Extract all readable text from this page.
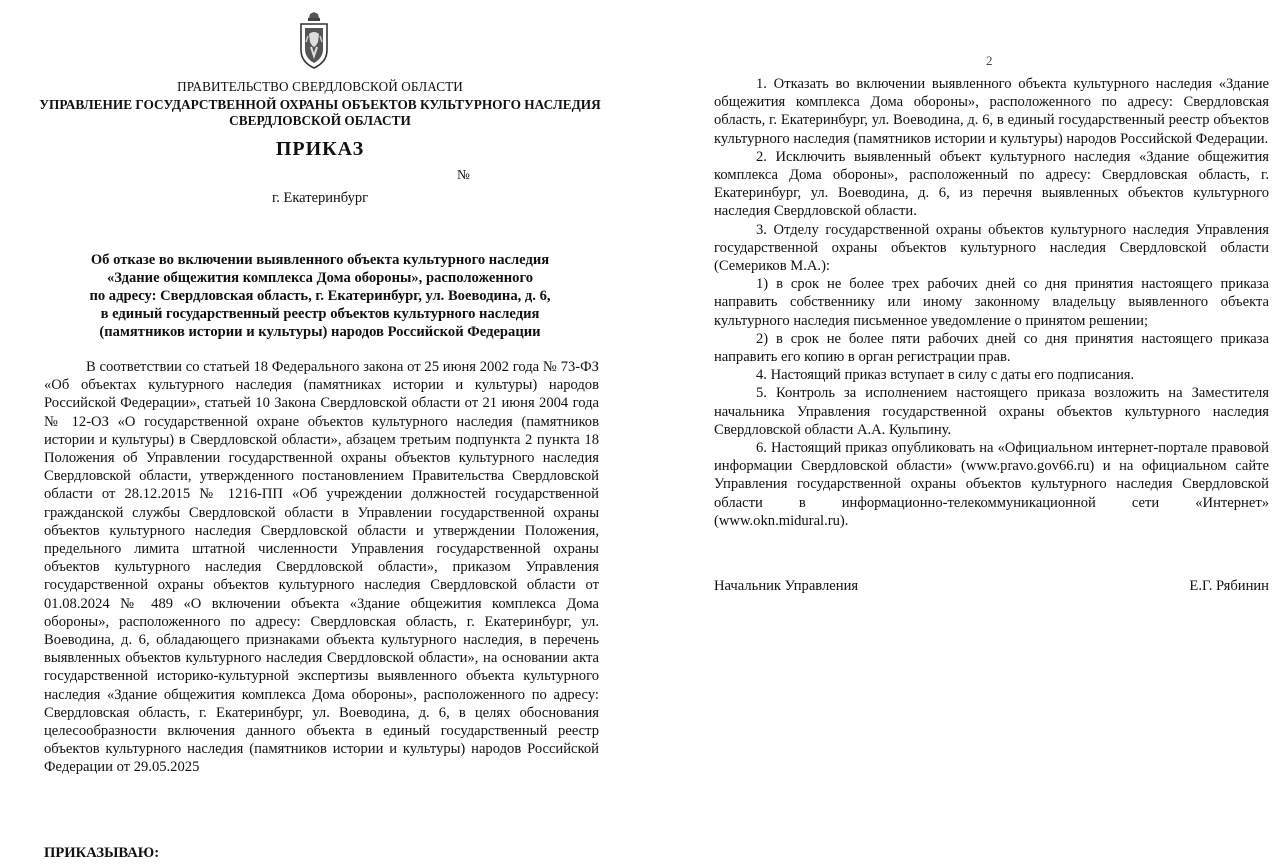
ПРАВИТЕЛЬСТВО СВЕРДЛОВСКОЙ ОБЛАСТИ
УПРАВЛЕНИЕ ГОСУДАРСТВЕННОЙ ОХРАНЫ ОБЪЕКТОВ КУЛЬТУРНОГО НАСЛЕДИЯ
СВЕРДЛОВСКОЙ ОБЛАСТИ
ПРИКАЗ
№
г. Екатеринбург
Об отказе во включении выявленного объекта культурного наследия
«Здание общежития комплекса Дома обороны», расположенного
по адресу: Свердловская область, г. Екатеринбург, ул. Воеводина, д. 6,
в единый государственный реестр объектов культурного наследия
(памятников истории и культуры) народов Российской Федерации
В соответствии со статьей 18 Федерального закона от 25 июня 2002 года № 73-ФЗ «Об объектах культурного наследия (памятниках истории и культуры) народов Российской Федерации», статьей 10 Закона Свердловской области от 21 июня 2004 года № 12-ОЗ «О государственной охране объектов культурного наследия (памятников истории и культуры) в Свердловской области», абзацем третьим подпункта 2 пункта 18 Положения об Управлении государственной охраны объектов культурного наследия Свердловской области, утвержденного постановлением Правительства Свердловской области от 28.12.2015 № 1216-ПП «Об учреждении должностей государственной гражданской службы Свердловской области в Управлении государственной охраны объектов культурного наследия Свердловской области и утверждении Положения, предельного лимита штатной численности Управления государственной охраны объектов культурного наследия Свердловской области», приказом Управления государственной охраны объектов культурного наследия Свердловской области от 01.08.2024 № 489 «О включении объекта «Здание общежития комплекса Дома обороны», расположенного по адресу: Свердловская область, г. Екатеринбург, ул. Воеводина, д. 6, обладающего признаками объекта культурного наследия, в перечень выявленных объектов культурного наследия Свердловской области», на основании акта государственной историко-культурной экспертизы выявленного объекта культурного наследия «Здание общежития комплекса Дома обороны», расположенного по адресу: Свердловская область, г. Екатеринбург, ул. Воеводина, д. 6, в целях обоснования целесообразности включения данного объекта в единый государственный реестр объектов культурного наследия (памятников истории и культуры) народов Российской Федерации от 29.05.2025
ПРИКАЗЫВАЮ:
2

1. Отказать во включении выявленного объекта культурного наследия «Здание общежития комплекса Дома обороны», расположенного по адресу: Свердловская область, г. Екатеринбург, ул. Воеводина, д. 6, в единый государственный реестр объектов культурного наследия (памятников истории и культуры) народов Российской Федерации.

2. Исключить выявленный объект культурного наследия «Здание общежития комплекса Дома обороны», расположенный по адресу: Свердловская область, г. Екатеринбург, ул. Воеводина, д. 6, из перечня выявленных объектов культурного наследия Свердловской области.

3. Отделу государственной охраны объектов культурного наследия Управления государственной охраны объектов культурного наследия Свердловской области (Семериков М.А.):

1) в срок не более трех рабочих дней со дня принятия настоящего приказа направить собственнику или иному законному владельцу выявленного объекта культурного наследия письменное уведомление о принятом решении;

2) в срок не более пяти рабочих дней со дня принятия настоящего приказа направить его копию в орган регистрации прав.

4. Настоящий приказ вступает в силу с даты его подписания.

5. Контроль за исполнением настоящего приказа возложить на Заместителя начальника Управления государственной охраны объектов культурного наследия Свердловской области А.А. Кульпину.

6. Настоящий приказ опубликовать на «Официальном интернет-портале правовой информации Свердловской области» (www.pravo.gov66.ru) и на официальном сайте Управления государственной охраны объектов культурного наследия Свердловской области в информационно-телекоммуникационной сети «Интернет» (www.okn.midural.ru).

Начальник Управления	Е.Г. Рябинин
